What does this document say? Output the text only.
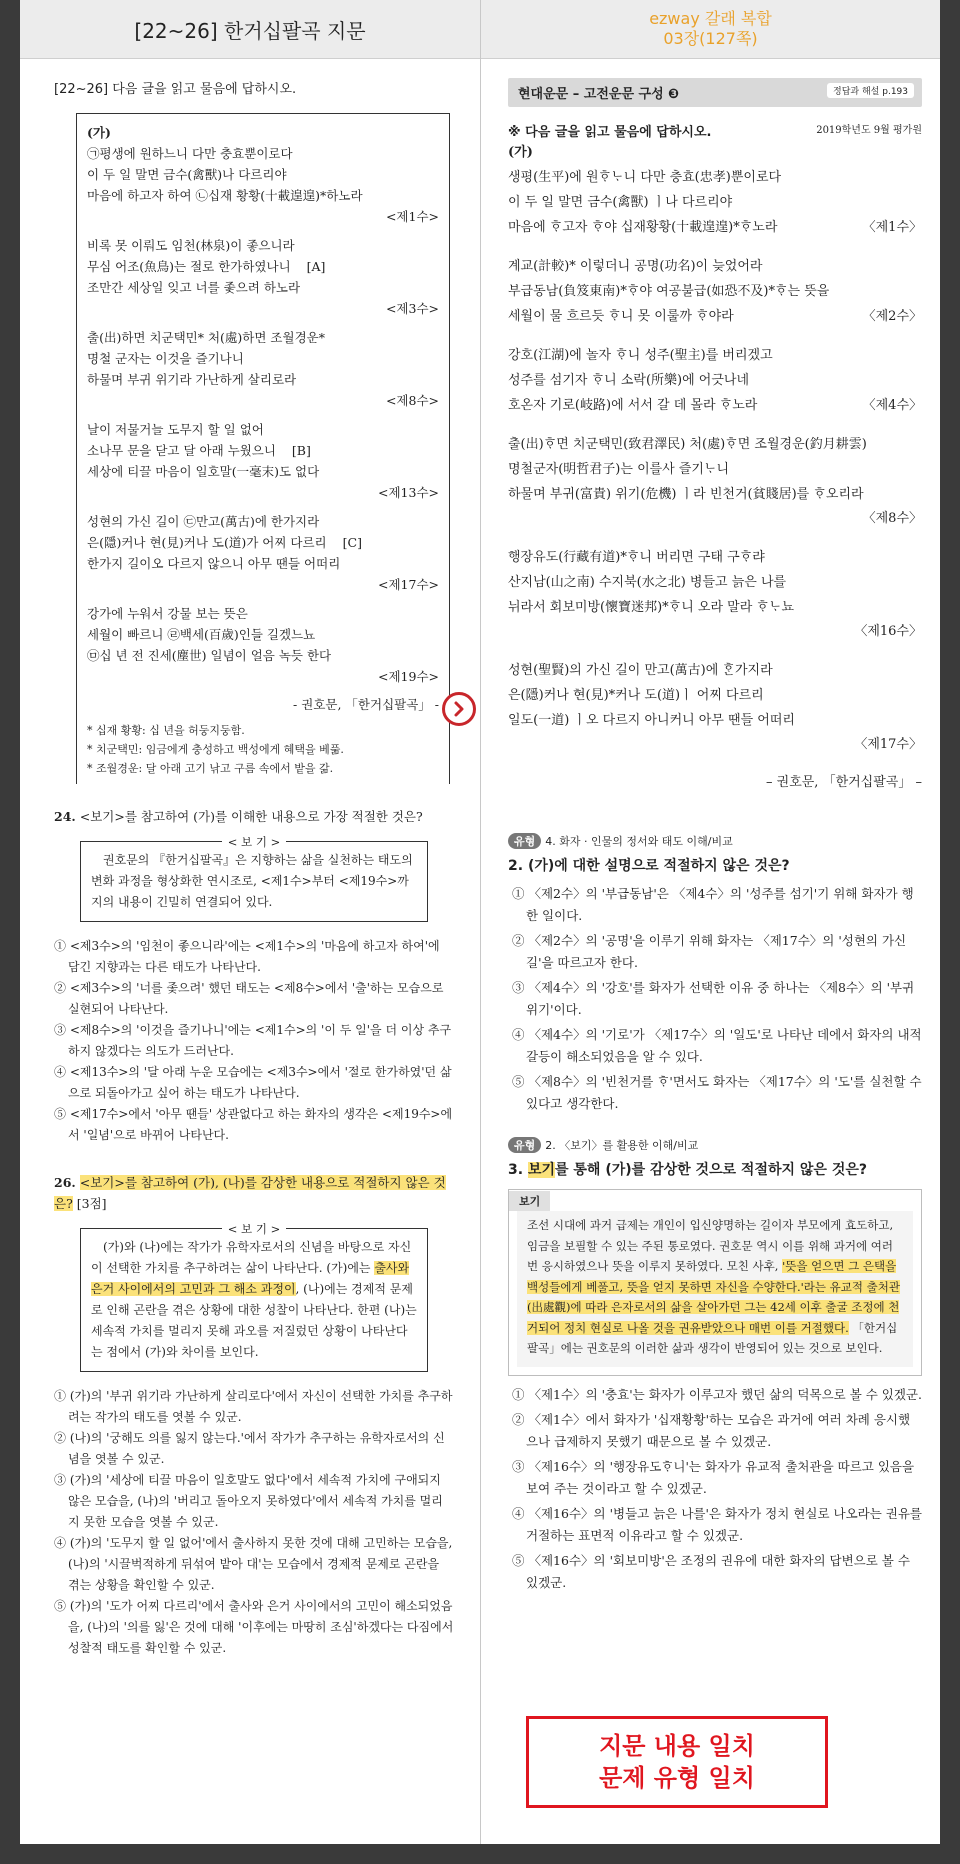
[22~26] 한거십팔곡 지문	ezway 갈래 복합
03장(127쪽)
[22~26] 다음 글을 읽고 물음에 답하시오.
(가)
㉠평생에 원하느니 다만 충효뿐이로다
이 두 일 말면 금수(禽獸)나 다르리야
마음에 하고자 하여 ㉡십재 황황(十載遑遑)*하노라
<제1수>
비록 못 이뤄도 임천(林泉)이 좋으니라
무심 어조(魚鳥)는 절로 한가하였나니 [A]
조만간 세상일 잊고 너를 좇으려 하노라
<제3수>
출(出)하면 치군택민* 처(處)하면 조월경운*
명철 군자는 이것을 즐기나니
하물며 부귀 위기라 가난하게 살리로라
<제8수>
날이 저물거늘 도무지 할 일 없어
소나무 문을 닫고 달 아래 누웠으니 [B]
세상에 티끌 마음이 일호말(一毫末)도 없다
<제13수>
성현의 가신 길이 ㉢만고(萬古)에 한가지라
은(隱)커나 현(見)커나 도(道)가 어찌 다르리 [C]
한가지 길이오 다르지 않으니 아무 땐들 어떠리
<제17수>
강가에 누워서 강물 보는 뜻은
세월이 빠르니 ㉣백세(百歲)인들 길겠느뇨
㉤십 년 전 진세(塵世) 일념이 얼음 녹듯 한다
<제19수>
- 권호문, 「한거십팔곡」 -
* 십재 황황: 십 년을 허둥지둥함.
* 치군택민: 임금에게 충성하고 백성에게 혜택을 베풂.
* 조월경운: 달 아래 고기 낚고 구름 속에서 밭을 갊.
24. <보기>를 참고하여 (가)를 이해한 내용으로 가장 적절한 것은?
< 보 기 >
권호문의 『한거십팔곡』은 지향하는 삶을 실천하는 태도의 변화 과정을 형상화한 연시조로, <제1수>부터 <제19수>까지의 내용이 긴밀히 연결되어 있다.
① <제3수>의 '임천이 좋으니라'에는 <제1수>의 '마음에 하고자 하여'에 담긴 지향과는 다른 태도가 나타난다.
② <제3수>의 '너를 좇으려' 했던 태도는 <제8수>에서 '출'하는 모습으로 실현되어 나타난다.
③ <제8수>의 '이것을 즐기나니'에는 <제1수>의 '이 두 일'을 더 이상 추구하지 않겠다는 의도가 드러난다.
④ <제13수>의 '달 아래 누운 모습에는 <제3수>에서 '절로 한가하였'던 삶으로 되돌아가고 싶어 하는 태도가 나타난다.
⑤ <제17수>에서 '아무 땐들' 상관없다고 하는 화자의 생각은 <제19수>에서 '일념'으로 바뀌어 나타난다.
26. <보기>를 참고하여 (가), (나)를 감상한 내용으로 적절하지 않은 것은? [3점]
< 보 기 >
(가)와 (나)에는 작가가 유학자로서의 신념을 바탕으로 자신이 선택한 가치를 추구하려는 삶이 나타난다. (가)에는 출사와 은거 사이에서의 고민과 그 해소 과정이, (나)에는 경제적 문제로 인해 곤란을 겪은 상황에 대한 성찰이 나타난다. 한편 (나)는 세속적 가치를 멀리지 못해 과오를 저질렀던 상황이 나타난다는 점에서 (가)와 차이를 보인다.
① (가)의 '부귀 위기라 가난하게 살리로다'에서 자신이 선택한 가치를 추구하려는 작가의 태도를 엿볼 수 있군.
② (나)의 '궁해도 의를 잃지 않는다.'에서 작가가 추구하는 유학자로서의 신념을 엿볼 수 있군.
③ (가)의 '세상에 티끌 마음이 일호말도 없다'에서 세속적 가치에 구애되지 않은 모습을, (나)의 '버리고 돌아오지 못하였다'에서 세속적 가치를 멀리지 못한 모습을 엿볼 수 있군.
④ (가)의 '도무지 할 일 없어'에서 출사하지 못한 것에 대해 고민하는 모습을, (나)의 '시끌벅적하게 뒤섞여 밭아 대'는 모습에서 경제적 문제로 곤란을 겪는 상황을 확인할 수 있군.
⑤ (가)의 '도가 어찌 다르리'에서 출사와 은거 사이에서의 고민이 해소되었음을, (나)의 '의를 잃'은 것에 대해 '이후에는 마땅히 조심'하겠다는 다짐에서 성찰적 태도를 확인할 수 있군.
현대운문 – 고전운문 구성 ❸	정답과 해설 p.193
※ 다음 글을 읽고 물음에 답하시오.	2019학년도 9월 평가원
(가)
생평(生平)에 원ᄒᆞᄂᆞ니 다만 충효(忠孝)뿐이로다
이 두 일 말면 금수(禽獸) ㅣ나 다르리야
마음에 ᄒᆞ고자 ᄒᆞ야 십재황황(十載遑遑)*ᄒᆞ노라	〈제1수〉
계교(計較)* 이렇더니 공명(功名)이 늦었어라
부급동남(負笈東南)*ᄒᆞ야 여공불급(如恐不及)*ᄒᆞ는 뜻을
세월이 물 흐르듯 ᄒᆞ니 못 이룰까 ᄒᆞ야라	〈제2수〉
강호(江湖)에 놀자 ᄒᆞ니 성주(聖主)를 버리겠고
성주를 섬기자 ᄒᆞ니 소락(所樂)에 어긋나네
호온자 기로(岐路)에 서서 갈 데 몰라 ᄒᆞ노라	〈제4수〉
출(出)ᄒᆞ면 치군택민(致君澤民) 처(處)ᄒᆞ면 조월경운(釣月耕雲)
명철군자(明哲君子)는 이를사 즐기ᄂᆞ니
하물며 부귀(富貴) 위기(危機) ㅣ라 빈천거(貧賤居)를 ᄒᆞ오리라
〈제8수〉
행장유도(行藏有道)*ᄒᆞ니 버리면 구태 구ᄒᆞ랴
산지남(山之南) 수지북(水之北) 병들고 늙은 나를
뉘라서 회보미방(懷寶迷邦)*ᄒᆞ니 오라 말라 ᄒᆞᄂᆞ뇨
〈제16수〉
성현(聖賢)의 가신 길이 만고(萬古)에 ᄒᆞᆫ가지라
은(隱)커나 현(見)*커나 도(道)ㅣ 어찌 다르리
일도(一道) ㅣ오 다르지 아니커니 아무 땐들 어떠리
〈제17수〉
– 권호문, 「한거십팔곡」 –
유형 4. 화자 · 인물의 정서와 태도 이해/비교
2. (가)에 대한 설명으로 적절하지 않은 것은?
① 〈제2수〉의 '부급동남'은 〈제4수〉의 '성주를 섬기'기 위해 화자가 행한 일이다.
② 〈제2수〉의 '공명'을 이루기 위해 화자는 〈제17수〉의 '성현의 가신 길'을 따르고자 한다.
③ 〈제4수〉의 '강호'를 화자가 선택한 이유 중 하나는 〈제8수〉의 '부귀 위기'이다.
④ 〈제4수〉의 '기로'가 〈제17수〉의 '일도'로 나타난 데에서 화자의 내적 갈등이 해소되었음을 알 수 있다.
⑤ 〈제8수〉의 '빈천거를 ᄒᆞ'면서도 화자는 〈제17수〉의 '도'를 실천할 수 있다고 생각한다.
유형 2. 〈보기〉를 활용한 이해/비교
3. 보기를 통해 (가)를 감상한 것으로 적절하지 않은 것은?
보기
조선 시대에 과거 급제는 개인이 입신양명하는 길이자 부모에게 효도하고, 임금을 보필할 수 있는 주된 통로였다. 권호문 역시 이를 위해 과거에 여러 번 응시하였으나 뜻을 이루지 못하였다. 모친 사후, '뜻을 얻으면 그 은택을 백성들에게 베풀고, 뜻을 얻지 못하면 자신을 수양한다.'라는 유교적 출처관(出處觀)에 따라 은자로서의 삶을 살아가던 그는 42세 이후 출굴 조정에 천거되어 정치 현실로 나올 것을 권유받았으나 매번 이를 거절했다. 「한거십팔곡」에는 권호문의 이러한 삶과 생각이 반영되어 있는 것으로 보인다.
① 〈제1수〉의 '충효'는 화자가 이루고자 했던 삶의 덕목으로 볼 수 있겠군.
② 〈제1수〉에서 화자가 '십재황황'하는 모습은 과거에 여러 차례 응시했으나 급제하지 못했기 때문으로 볼 수 있겠군.
③ 〈제16수〉의 '행장유도ᄒᆞ니'는 화자가 유교적 출처관을 따르고 있음을 보여 주는 것이라고 할 수 있겠군.
④ 〈제16수〉의 '병들고 늙은 나를'은 화자가 정치 현실로 나오라는 권유를 거절하는 표면적 이유라고 할 수 있겠군.
⑤ 〈제16수〉의 '회보미방'은 조정의 권유에 대한 화자의 답변으로 볼 수 있겠군.
지문 내용 일치
문제 유형 일치
